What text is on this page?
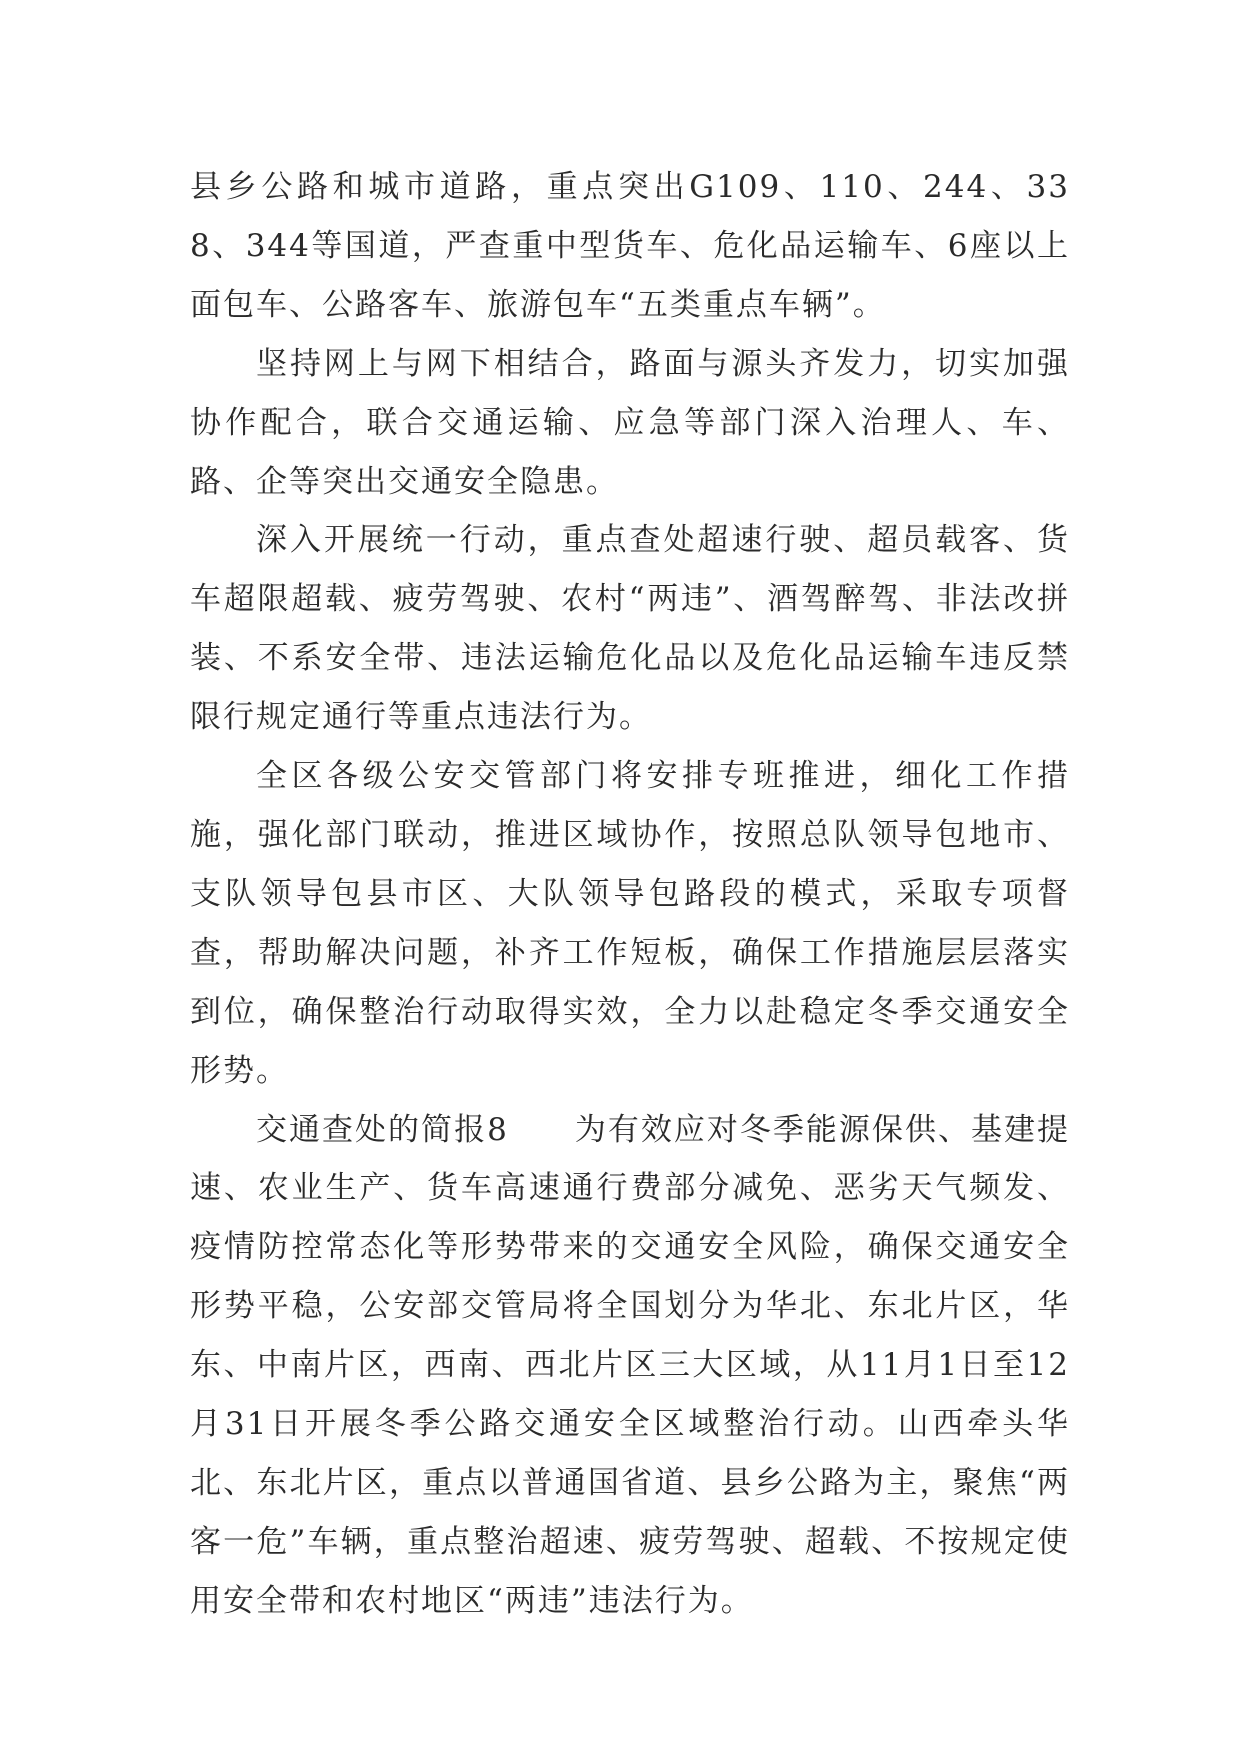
县乡公路和城市道路，重点突出G109、110、244、338、344等国道，严查重中型货车、危化品运输车、6座以上面包车、公路客车、旅游包车“五类重点车辆”。

坚持网上与网下相结合，路面与源头齐发力，切实加强协作配合，联合交通运输、应急等部门深入治理人、车、路、企等突出交通安全隐患。

深入开展统一行动，重点查处超速行驶、超员载客、货车超限超载、疲劳驾驶、农村“两违”、酒驾醉驾、非法改拼装、不系安全带、违法运输危化品以及危化品运输车违反禁限行规定通行等重点违法行为。

全区各级公安交管部门将安排专班推进，细化工作措施，强化部门联动，推进区域协作，按照总队领导包地市、支队领导包县市区、大队领导包路段的模式，采取专项督查，帮助解决问题，补齐工作短板，确保工作措施层层落实到位，确保整治行动取得实效，全力以赴稳定冬季交通安全形势。

交通查处的简报8　　为有效应对冬季能源保供、基建提速、农业生产、货车高速通行费部分减免、恶劣天气频发、疫情防控常态化等形势带来的交通安全风险，确保交通安全形势平稳，公安部交管局将全国划分为华北、东北片区，华东、中南片区，西南、西北片区三大区域，从11月1日至12月31日开展冬季公路交通安全区域整治行动。山西牵头华北、东北片区，重点以普通国省道、县乡公路为主，聚焦“两客一危”车辆，重点整治超速、疲劳驾驶、超载、不按规定使用安全带和农村地区“两违”违法行为。
